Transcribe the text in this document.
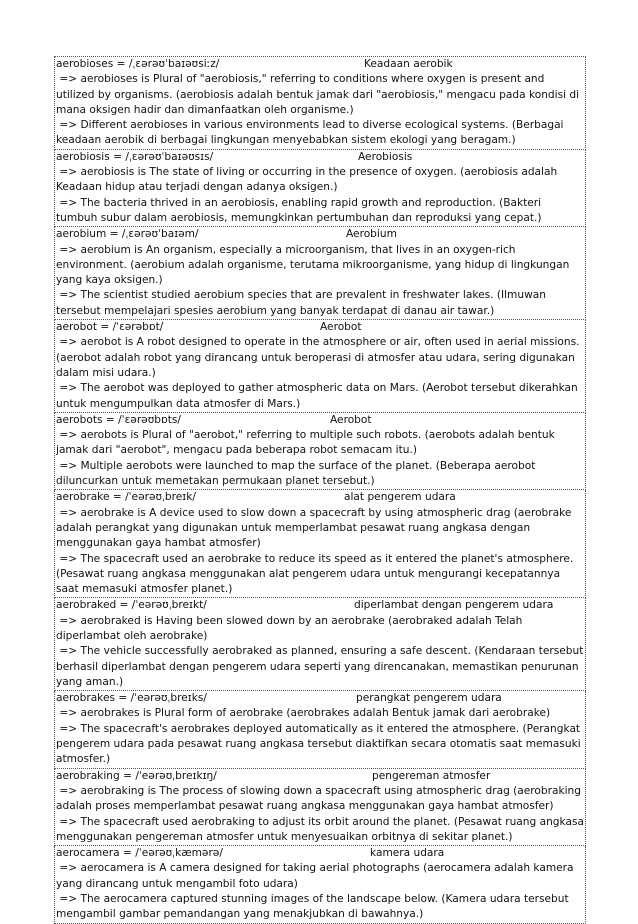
aerobioses = /ˌɛərəʊˈbaɪəʊsiːz/	Keadaan aerobik
=> aerobioses is Plural of "aerobiosis," referring to conditions where oxygen is present and utilized by organisms. (aerobiosis adalah bentuk jamak dari "aerobiosis," mengacu pada kondisi di mana oksigen hadir dan dimanfaatkan oleh organisme.)
=> Different aerobioses in various environments lead to diverse ecological systems. (Berbagai keadaan aerobik di berbagai lingkungan menyebabkan sistem ekologi yang beragam.)
aerobiosis = /ˌɛərəʊˈbaɪəʊsɪs/	Aerobiosis
=> aerobiosis is The state of living or occurring in the presence of oxygen. (aerobiosis adalah Keadaan hidup atau terjadi dengan adanya oksigen.)
=> The bacteria thrived in an aerobiosis, enabling rapid growth and reproduction. (Bakteri tumbuh subur dalam aerobiosis, memungkinkan pertumbuhan dan reproduksi yang cepat.)
aerobium = /ˌɛərəʊˈbaɪəm/	Aerobium
=> aerobium is An organism, especially a microorganism, that lives in an oxygen-rich environment. (aerobium adalah organisme, terutama mikroorganisme, yang hidup di lingkungan yang kaya oksigen.)
=> The scientist studied aerobium species that are prevalent in freshwater lakes. (Ilmuwan tersebut mempelajari spesies aerobium yang banyak terdapat di danau air tawar.)
aerobot = /ˈɛərəbɒt/	Aerobot
=> aerobot is A robot designed to operate in the atmosphere or air, often used in aerial missions. (aerobot adalah robot yang dirancang untuk beroperasi di atmosfer atau udara, sering digunakan dalam misi udara.)
=> The aerobot was deployed to gather atmospheric data on Mars. (Aerobot tersebut dikerahkan untuk mengumpulkan data atmosfer di Mars.)
aerobots = /ˈɛərəʊbɒts/	Aerobot
=> aerobots is Plural of "aerobot," referring to multiple such robots. (aerobots adalah bentuk jamak dari "aerobot", mengacu pada beberapa robot semacam itu.)
=> Multiple aerobots were launched to map the surface of the planet. (Beberapa aerobot diluncurkan untuk memetakan permukaan planet tersebut.)
aerobrake = /ˈeərəʊˌbreɪk/	alat pengerem udara
=> aerobrake is A device used to slow down a spacecraft by using atmospheric drag (aerobrake adalah perangkat yang digunakan untuk memperlambat pesawat ruang angkasa dengan menggunakan gaya hambat atmosfer)
=> The spacecraft used an aerobrake to reduce its speed as it entered the planet's atmosphere. (Pesawat ruang angkasa menggunakan alat pengerem udara untuk mengurangi kecepatannya saat memasuki atmosfer planet.)
aerobraked = /ˈeərəʊˌbreɪkt/	diperlambat dengan pengerem udara
=> aerobraked is Having been slowed down by an aerobrake (aerobraked adalah Telah diperlambat oleh aerobrake)
=> The vehicle successfully aerobraked as planned, ensuring a safe descent. (Kendaraan tersebut berhasil diperlambat dengan pengerem udara seperti yang direncanakan, memastikan penurunan yang aman.)
aerobrakes = /ˈeərəʊˌbreɪks/	perangkat pengerem udara
=> aerobrakes is Plural form of aerobrake (aerobrakes adalah Bentuk jamak dari aerobrake)
=> The spacecraft's aerobrakes deployed automatically as it entered the atmosphere. (Perangkat pengerem udara pada pesawat ruang angkasa tersebut diaktifkan secara otomatis saat memasuki atmosfer.)
aerobraking = /ˈeərəʊˌbreɪkɪŋ/	pengereman atmosfer
=> aerobraking is The process of slowing down a spacecraft using atmospheric drag (aerobraking adalah proses memperlambat pesawat ruang angkasa menggunakan gaya hambat atmosfer)
=> The spacecraft used aerobraking to adjust its orbit around the planet. (Pesawat ruang angkasa menggunakan pengereman atmosfer untuk menyesuaikan orbitnya di sekitar planet.)
aerocamera = /ˈeərəʊˌkæmərə/	kamera udara
=> aerocamera is A camera designed for taking aerial photographs (aerocamera adalah kamera yang dirancang untuk mengambil foto udara)
=> The aerocamera captured stunning images of the landscape below. (Kamera udara tersebut mengambil gambar pemandangan yang menakjubkan di bawahnya.)
